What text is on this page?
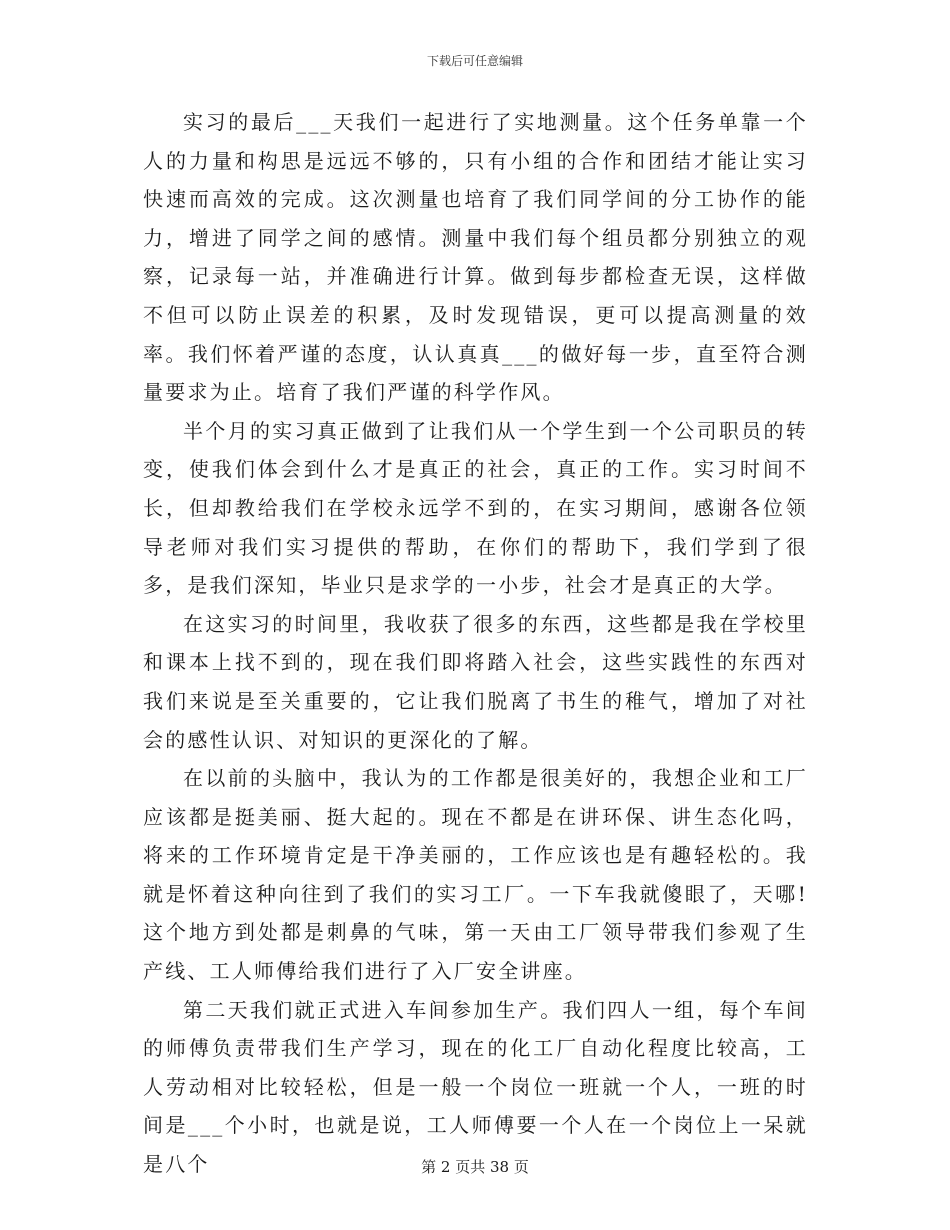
下载后可任意编辑

实习的最后___天我们一起进行了实地测量。这个任务单靠一个人的力量和构思是远远不够的，只有小组的合作和团结才能让实习快速而高效的完成。这次测量也培育了我们同学间的分工协作的能力，增进了同学之间的感情。测量中我们每个组员都分别独立的观察，记录每一站，并准确进行计算。做到每步都检查无误，这样做不但可以防止误差的积累，及时发现错误，更可以提高测量的效率。我们怀着严谨的态度，认认真真___的做好每一步，直至符合测量要求为止。培育了我们严谨的科学作风。

半个月的实习真正做到了让我们从一个学生到一个公司职员的转变，使我们体会到什么才是真正的社会，真正的工作。实习时间不长，但却教给我们在学校永远学不到的，在实习期间，感谢各位领导老师对我们实习提供的帮助，在你们的帮助下，我们学到了很多，是我们深知，毕业只是求学的一小步，社会才是真正的大学。

在这实习的时间里，我收获了很多的东西，这些都是我在学校里和课本上找不到的，现在我们即将踏入社会，这些实践性的东西对我们来说是至关重要的，它让我们脱离了书生的稚气，增加了对社会的感性认识、对知识的更深化的了解。

在以前的头脑中，我认为的工作都是很美好的，我想企业和工厂应该都是挺美丽、挺大起的。现在不都是在讲环保、讲生态化吗，将来的工作环境肯定是干净美丽的，工作应该也是有趣轻松的。我就是怀着这种向往到了我们的实习工厂。一下车我就傻眼了，天哪!这个地方到处都是刺鼻的气味，第一天由工厂领导带我们参观了生产线、工人师傅给我们进行了入厂安全讲座。

第二天我们就正式进入车间参加生产。我们四人一组，每个车间的师傅负责带我们生产学习，现在的化工厂自动化程度比较高，工人劳动相对比较轻松，但是一般一个岗位一班就一个人，一班的时间是___个小时，也就是说，工人师傅要一个人在一个岗位上一呆就是八个	第 2 页共 38 页
